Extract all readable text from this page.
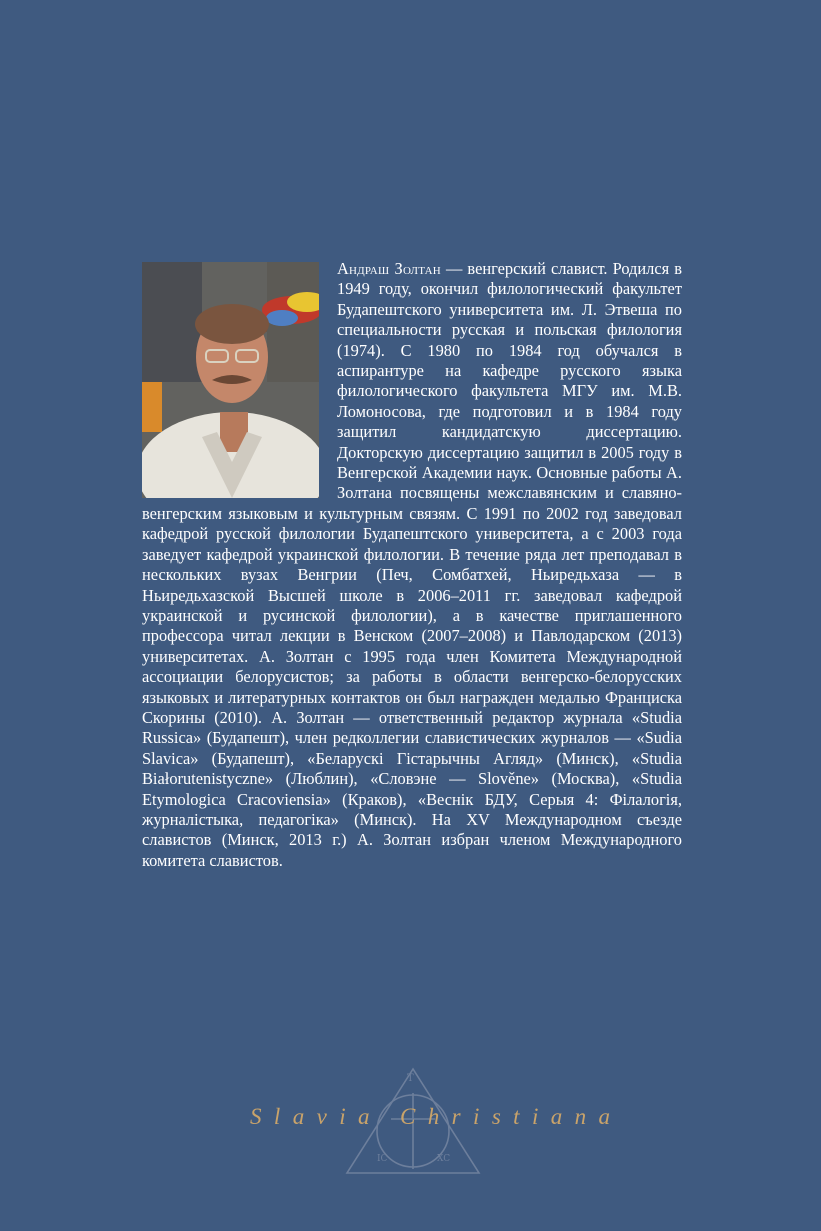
Андраш Золтан
— венгерский славист. Родился в 1949 году, окончил филологический факультет Будапештского университета им. Л. Этвеша по специальности русская и польская филология (1974). С 1980 по 1984 год обучался в аспирантуре на кафедре русского языка филологического факультета МГУ им. М.В. Ломоносова, где подготовил и в 1984 году защитил кандидатскую диссертацию. Докторскую диссертацию защитил в 2005 году в Венгерской Академии наук. Основные работы А. Золтана посвящены межславянским и славяно-венгерским языковым и культурным связям. С 1991 по 2002 год заведовал кафедрой русской филологии Будапештского университета, а с 2003 года заведует кафедрой украинской филологии. В течение ряда лет преподавал в нескольких вузах Венгрии (Печ, Сомбатхей, Ньиредьхаза — в Ньиредьхазской Высшей школе в 2006–2011 гг. заведовал кафедрой украинской и русинской филологии), а в качестве приглашенного профессора читал лекции в Венском (2007–2008) и Павлодарском (2013) университетах. А. Золтан с 1995 года член Комитета Международной ассоциации белорусистов; за работы в области венгерско-белорусских языковых и литературных контактов он был награжден медалью Франциска Скорины (2010). А. Золтан — ответственный редактор журнала «Studia Russica» (Будапешт), член редколлегии славистических журналов — «Sudia Slavica» (Будапешт), «Беларускі Гістарычны Агляд» (Минск), «Studia Białorutenistyczne» (Люблин), «Словэне — Slověne» (Москва), «Studia Etymologica Cracoviensia» (Краков), «Веснік БДУ, Серыя 4: Філалогія, журналістыка, педагогіка» (Минск). На XV Международном съезде славистов (Минск, 2013 г.) А. Золтан избран членом Международного комитета славистов.
T
IC	XC
Slavia Christiana
